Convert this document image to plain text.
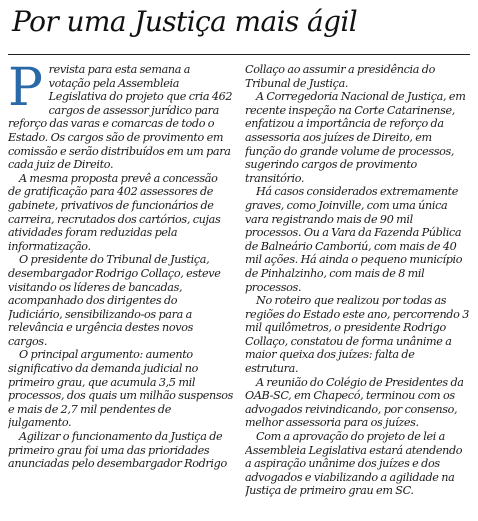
Por uma Justiça mais ágil

Prevista para esta semana a votação pela Assembleia Legislativa do projeto que cria 462 cargos de assessor jurídico para reforço das varas e comarcas de todo o Estado. Os cargos são de provimento em comissão e serão distribuídos em um para cada juiz de Direito.

A mesma proposta prevê a concessão de gratificação para 402 assessores de gabinete, privativos de funcionários de carreira, recrutados dos cartórios, cujas atividades foram reduzidas pela informatização.

O presidente do Tribunal de Justiça, desembargador Rodrigo Collaço, esteve visitando os líderes de bancadas, acompanhado dos dirigentes do Judiciário, sensibilizando-os para a relevância e urgência destes novos cargos.

O principal argumento: aumento significativo da demanda judicial no primeiro grau, que acumula 3,5 mil processos, dos quais um milhão suspensos e mais de 2,7 mil pendentes de julgamento.

Agilizar o funcionamento da Justiça de primeiro grau foi uma das prioridades anunciadas pelo desembargador Rodrigo

Collaço ao assumir a presidência do Tribunal de Justiça.

A Corregedoria Nacional de Justiça, em recente inspeção na Corte Catarinense, enfatizou a importância de reforço da assessoria aos juízes de Direito, em função do grande volume de processos, sugerindo cargos de provimento transitório.

Há casos considerados extremamente graves, como Joinville, com uma única vara registrando mais de 90 mil processos. Ou a Vara da Fazenda Pública de Balneário Camboriú, com mais de 40 mil ações. Há ainda o pequeno município de Pinhalzinho, com mais de 8 mil processos.

No roteiro que realizou por todas as regiões do Estado este ano, percorrendo 3 mil quilômetros, o presidente Rodrigo Collaço, constatou de forma unânime a maior queixa dos juízes: falta de estrutura.

A reunião do Colégio de Presidentes da OAB-SC, em Chapecó, terminou com os advogados reivindicando, por consenso, melhor assessoria para os juízes.

Com a aprovação do projeto de lei a Assembleia Legislativa estará atendendo a aspiração unânime dos juízes e dos advogados e viabilizando a agilidade na Justiça de primeiro grau em SC.
